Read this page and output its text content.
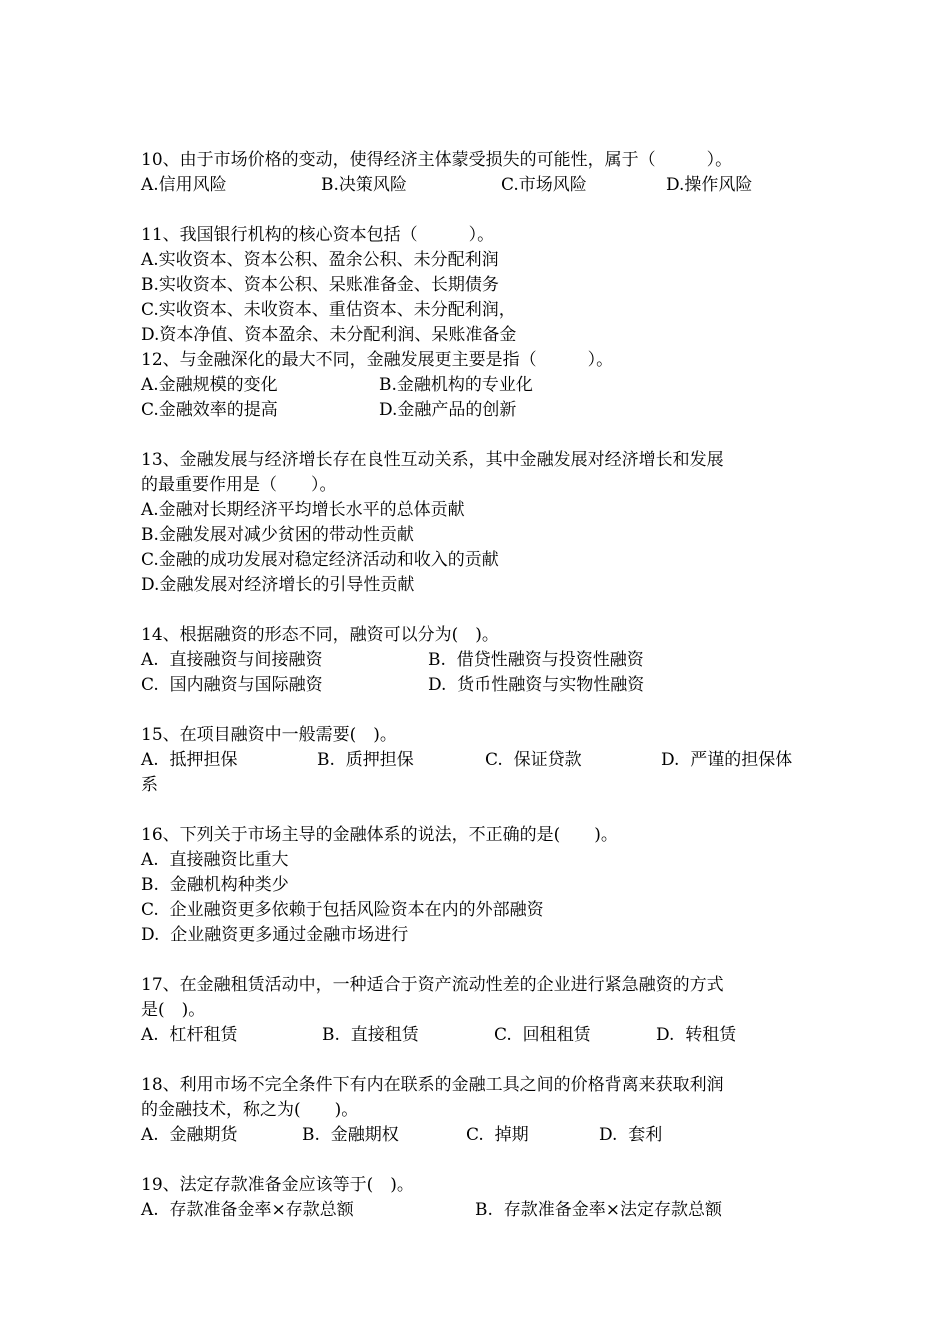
10、由于市场价格的变动，使得经济主体蒙受损失的可能性，属于（　　　）。
A.信用风险	B.决策风险	C.市场风险	D.操作风险
11、我国银行机构的核心资本包括（　　　）。
A.实收资本、资本公积、盈余公积、未分配利润
B.实收资本、资本公积、呆账准备金、长期债务
C.实收资本、未收资本、重估资本、未分配利润，
D.资本净值、资本盈余、未分配利润、呆账准备金
12、与金融深化的最大不同，金融发展更主要是指（　　　）。
A.金融规模的变化	B.金融机构的专业化
C.金融效率的提高	D.金融产品的创新
13、金融发展与经济增长存在良性互动关系，其中金融发展对经济增长和发展
的最重要作用是（　　）。
A.金融对长期经济平均增长水平的总体贡献
B.金融发展对减少贫困的带动性贡献
C.金融的成功发展对稳定经济活动和收入的贡献
D.金融发展对经济增长的引导性贡献
14、根据融资的形态不同，融资可以分为(　)。
A.  直接融资与间接融资	B.  借贷性融资与投资性融资
C.  国内融资与国际融资	D.  货币性融资与实物性融资
15、在项目融资中一般需要(　)。
A.  抵押担保	B.  质押担保	C.  保证贷款	D.  严谨的担保体
系
16、下列关于市场主导的金融体系的说法，不正确的是(　　)。
A.  直接融资比重大
B.  金融机构种类少
C.  企业融资更多依赖于包括风险资本在内的外部融资
D.  企业融资更多通过金融市场进行
17、在金融租赁活动中，一种适合于资产流动性差的企业进行紧急融资的方式
是(　)。
A.  杠杆租赁	B.  直接租赁	C.  回租租赁	D.  转租赁
18、利用市场不完全条件下有内在联系的金融工具之间的价格背离来获取利润
的金融技术，称之为(　　)。
A.  金融期货	B.  金融期权	C.  掉期	D.  套利
19、法定存款准备金应该等于(　)。
A.  存款准备金率×存款总额	B.  存款准备金率×法定存款总额
